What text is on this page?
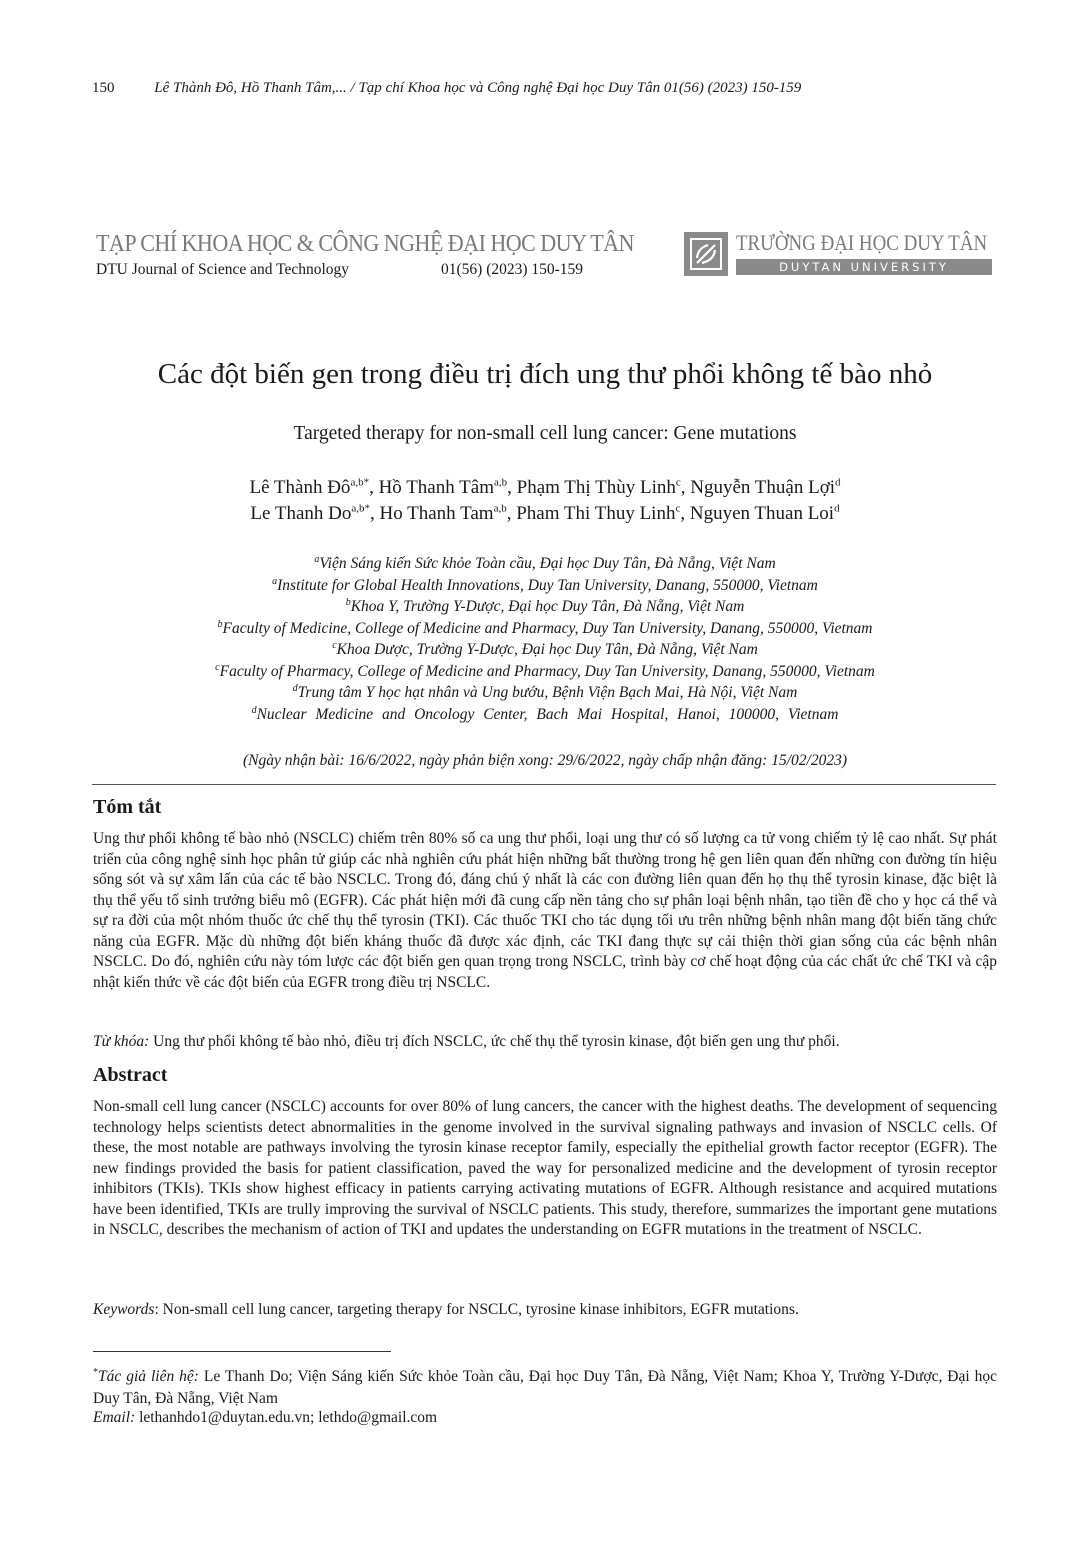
150	Lê Thành Đô, Hồ Thanh Tâm,... / Tạp chí Khoa học và Công nghệ Đại học Duy Tân 01(56) (2023) 150-159
TẠP CHÍ KHOA HỌC & CÔNG NGHỆ ĐẠI HỌC DUY TÂN
DTU Journal of Science and Technology	01(56) (2023) 150-159
TRƯỜNG ĐẠI HỌC DUY TÂN
DUYTAN UNIVERSITY
Các đột biến gen trong điều trị đích ung thư phổi không tế bào nhỏ
Targeted therapy for non-small cell lung cancer: Gene mutations
Lê Thành $Đô^{a,b*}$, Hồ Thanh Tâm$^{a,b}$, Phạm Thị Thùy Linh$^c$, Nguyễn Thuận Lợi$^d$
Le Thanh $Do^{a,b*}$, Ho Thanh Tam$^{a,b}$, Pham Thi Thuy Linh$^c$, Nguyen Thuan Loi$^d$
$^a$Viện Sáng kiến Sức khỏe Toàn cầu, Đại học Duy Tân, Đà Nẵng, Việt Nam
$^a$Institute for Global Health Innovations, Duy Tan University, Danang, 550000, Vietnam
$^b$Khoa Y, Trường Y-Dược, Đại học Duy Tân, Đà Nẵng, Việt Nam
$^b$Faculty of Medicine, College of Medicine and Pharmacy, Duy Tan University, Danang, 550000, Vietnam
$^c$Khoa Dược, Trường Y-Dược, Đại học Duy Tân, Đà Nẵng, Việt Nam
$^c$Faculty of Pharmacy, College of Medicine and Pharmacy, Duy Tan University, Danang, 550000, Vietnam
$^d$Trung tâm Y học hạt nhân và Ung bướu, Bệnh Viện Bạch Mai, Hà Nội, Việt Nam
$^d$Nuclear Medicine and Oncology Center, Bach Mai Hospital, Hanoi, 100000, Vietnam
(Ngày nhận bài: 16/6/2022, ngày phản biện xong: 29/6/2022, ngày chấp nhận đăng: 15/02/2023)
Tóm tắt
Ung thư phổi không tế bào nhỏ (NSCLC) chiếm trên 80% số ca ung thư phổi, loại ung thư có số lượng ca tử vong chiếm tỷ lệ cao nhất. Sự phát triển của công nghệ sinh học phân tử giúp các nhà nghiên cứu phát hiện những bất thường trong hệ gen liên quan đến những con đường tín hiệu sống sót và sự xâm lấn của các tế bào NSCLC. Trong đó, đáng chú ý nhất là các con đường liên quan đến họ thụ thể tyrosin kinase, đặc biệt là thụ thể yếu tố sinh trưởng biểu mô (EGFR). Các phát hiện mới đã cung cấp nền tảng cho sự phân loại bệnh nhân, tạo tiền đề cho y học cá thể và sự ra đời của một nhóm thuốc ức chế thụ thể tyrosin (TKI). Các thuốc TKI cho tác dụng tối ưu trên những bệnh nhân mang đột biến tăng chức năng của EGFR. Mặc dù những đột biến kháng thuốc đã được xác định, các TKI đang thực sự cải thiện thời gian sống của các bệnh nhân NSCLC. Do đó, nghiên cứu này tóm lược các đột biến gen quan trọng trong NSCLC, trình bày cơ chế hoạt động của các chất ức chế TKI và cập nhật kiến thức về các đột biến của EGFR trong điều trị NSCLC.
Từ khóa: Ung thư phổi không tế bào nhỏ, điều trị đích NSCLC, ức chế thụ thể tyrosin kinase, đột biến gen ung thư phổi.
Abstract
Non-small cell lung cancer (NSCLC) accounts for over 80% of lung cancers, the cancer with the highest deaths. The development of sequencing technology helps scientists detect abnormalities in the genome involved in the survival signaling pathways and invasion of NSCLC cells. Of these, the most notable are pathways involving the tyrosin kinase receptor family, especially the epithelial growth factor receptor (EGFR). The new findings provided the basis for patient classification, paved the way for personalized medicine and the development of tyrosin receptor inhibitors (TKIs). TKIs show highest efficacy in patients carrying activating mutations of EGFR. Although resistance and acquired mutations have been identified, TKIs are trully improving the survival of NSCLC patients. This study, therefore, summarizes the important gene mutations in NSCLC, describes the mechanism of action of TKI and updates the understanding on EGFR mutations in the treatment of NSCLC.
Keywords: Non-small cell lung cancer, targeting therapy for NSCLC, tyrosine kinase inhibitors, EGFR mutations.
*Tác giả liên hệ: Le Thanh Do; Viện Sáng kiến Sức khỏe Toàn cầu, Đại học Duy Tân, Đà Nẵng, Việt Nam; Khoa Y, Trường Y-Dược, Đại học Duy Tân, Đà Nẵng, Việt Nam
Email: lethanhdo1@duytan.edu.vn; lethdo@gmail.com
